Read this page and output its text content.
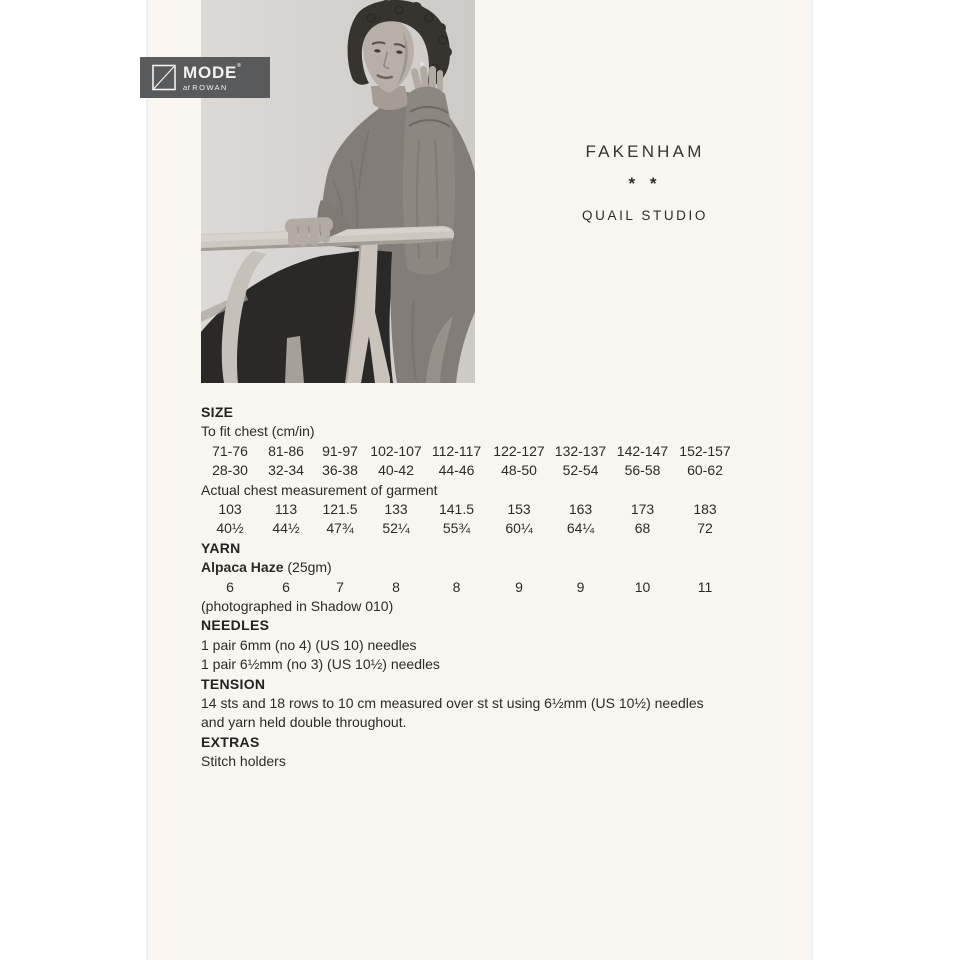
MODE®
at ROWAN
FAKENHAM
* *
QUAIL STUDIO
SIZE

To fit chest (cm/in)

71-76	81-86	91-97 102-107 112-117 122-127 132-137 142-147 152-157
28-30	32-34	36-38	40-42	44-46	48-50	52-54	56-58	60-62

Actual chest measurement of garment

103	113	121.5	133	141.5	153	163	173	183
40½	44½	47¾	52¼	55¾	60¼	64¼	68	72
YARN

Alpaca Haze (25gm)

6	6	7	8	8	9	9	10	11

(photographed in Shadow 010)

NEEDLES

1 pair 6mm (no 4) (US 10) needles

1 pair 6½mm (no 3) (US 10½) needles

TENSION

14 sts and 18 rows to 10 cm measured over st st using 6½mm (US 10½) needles and yarn held double throughout.

EXTRAS

Stitch holders
